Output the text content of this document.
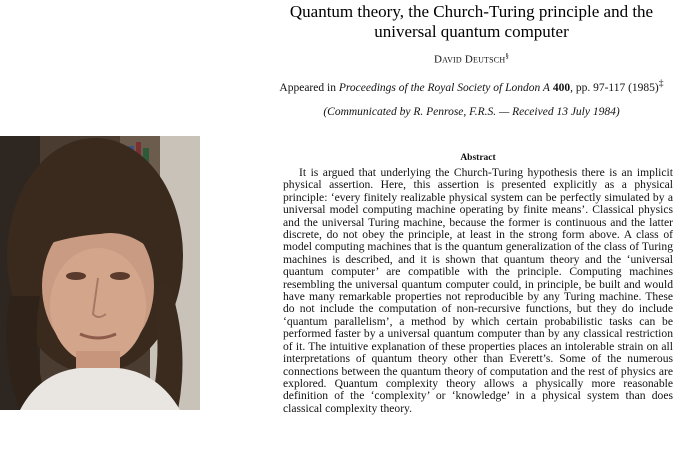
Quantum theory, the Church-Turing principle and the universal quantum computer
David Deutsch§
Appeared in Proceedings of the Royal Society of London A 400, pp. 97-117 (1985)‡
(Communicated by R. Penrose, F.R.S. — Received 13 July 1984)
Abstract

It is argued that underlying the Church-Turing hypothesis there is an implicit physical assertion. Here, this assertion is presented explicitly as a physical principle: ‘every finitely realizable physical system can be perfectly simulated by a universal model computing machine operating by finite means’. Classical physics and the universal Turing machine, because the former is continuous and the latter discrete, do not obey the principle, at least in the strong form above. A class of model computing machines that is the quantum generalization of the class of Turing machines is described, and it is shown that quantum theory and the ‘universal quantum computer’ are compatible with the principle. Computing machines resembling the universal quantum computer could, in principle, be built and would have many remarkable properties not reproducible by any Turing machine. These do not include the computation of non-recursive functions, but they do include ‘quantum parallelism’, a method by which certain probabilistic tasks can be performed faster by a universal quantum computer than by any classical restriction of it. The intuitive explanation of these properties places an intolerable strain on all interpretations of quantum theory other than Everett’s. Some of the numerous connections between the quantum theory of computation and the rest of physics are explored. Quantum complexity theory allows a physically more reasonable definition of the ‘complexity’ or ‘knowledge’ in a physical system than does classical complexity theory.
